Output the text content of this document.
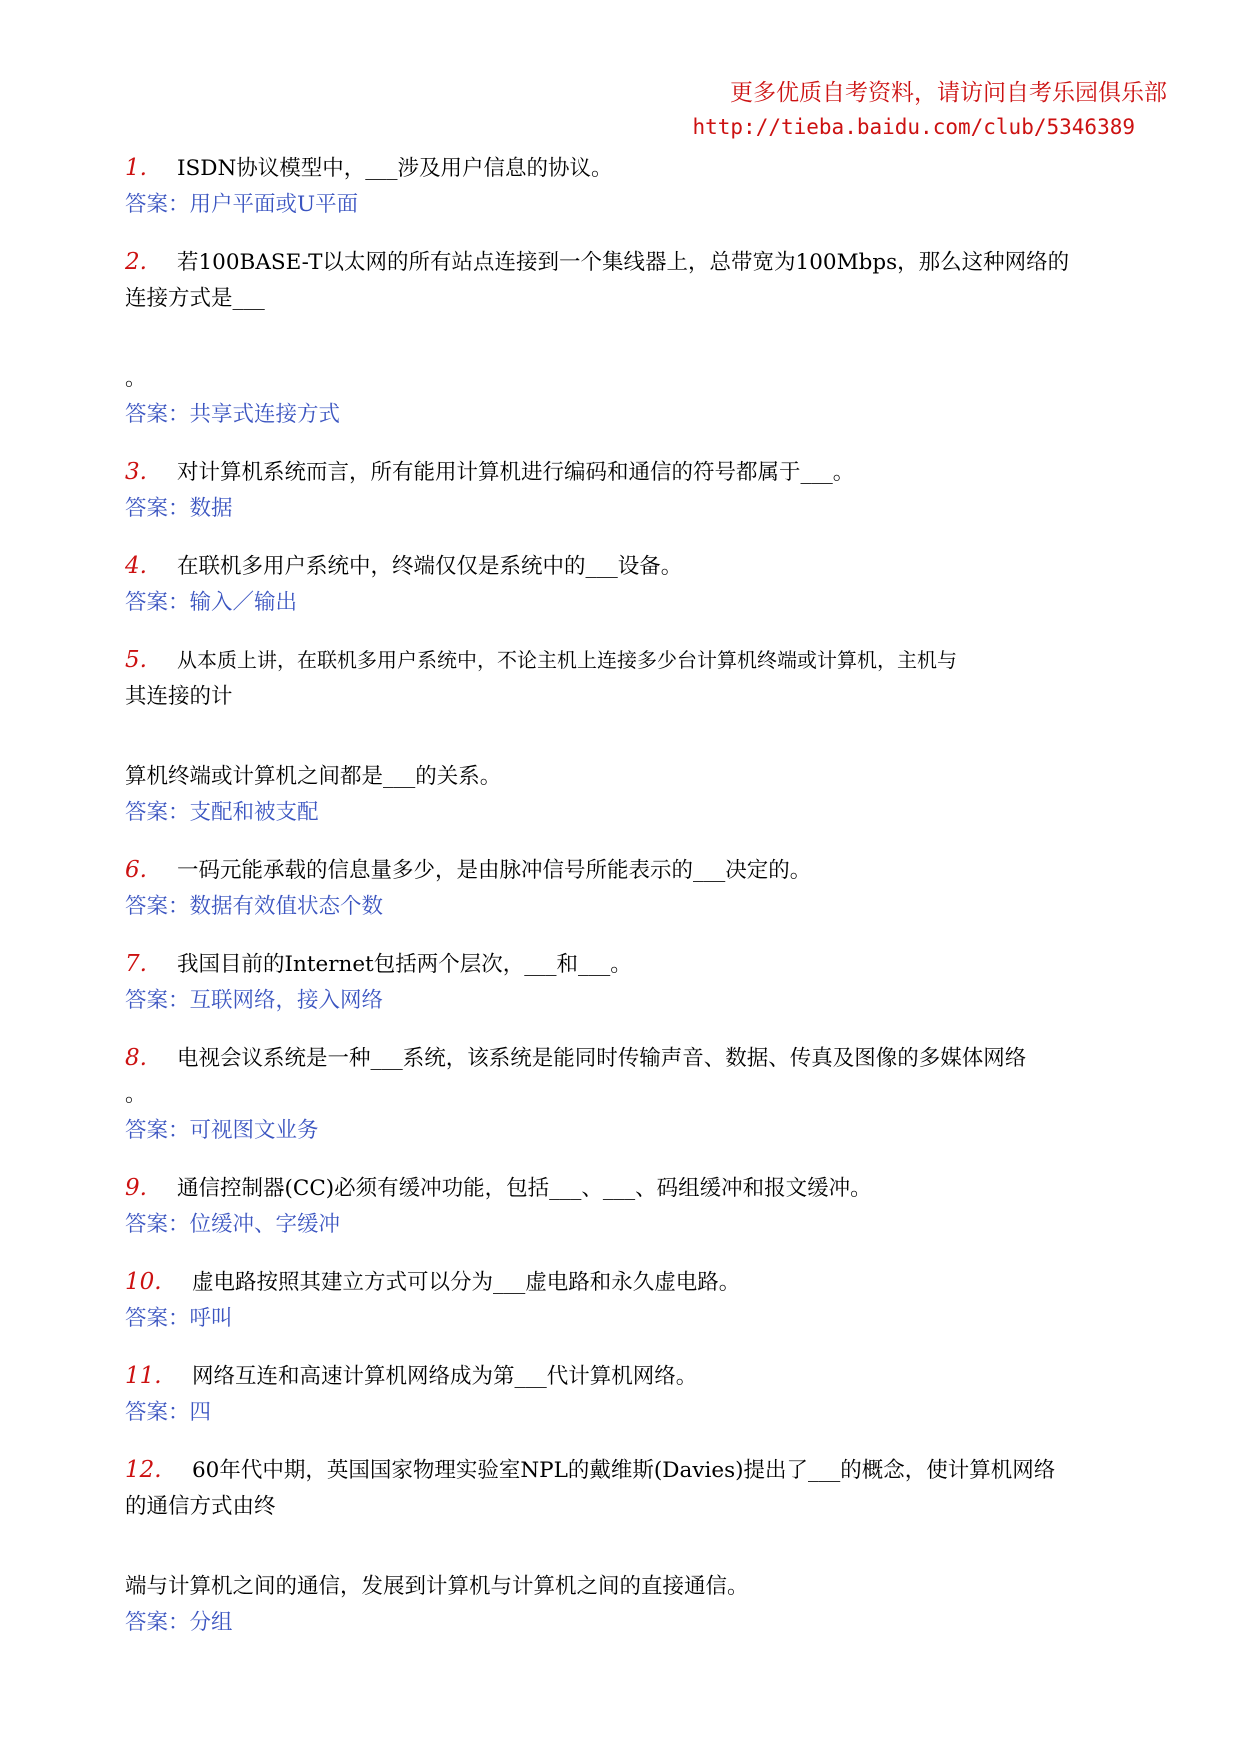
更多优质自考资料，请访问自考乐园俱乐部
http://tieba.baidu.com/club/5346389
1. ISDN协议模型中，___涉及用户信息的协议。
答案：用户平面或U平面
2. 若100BASE-T以太网的所有站点连接到一个集线器上，总带宽为100Mbps，那么这种网络的
连接方式是___
。
答案：共享式连接方式
3. 对计算机系统而言，所有能用计算机进行编码和通信的符号都属于___。
答案：数据
4. 在联机多用户系统中，终端仅仅是系统中的___设备。
答案：输入／输出
5. 从本质上讲，在联机多用户系统中，不论主机上连接多少台计算机终端或计算机，主机与
其连接的计
算机终端或计算机之间都是___的关系。
答案：支配和被支配
6. 一码元能承载的信息量多少，是由脉冲信号所能表示的___决定的。
答案：数据有效值状态个数
7. 我国目前的Internet包括两个层次，___和___。
答案：互联网络，接入网络
8. 电视会议系统是一种___系统，该系统是能同时传输声音、数据、传真及图像的多媒体网络
。
答案：可视图文业务
9. 通信控制器(CC)必须有缓冲功能，包括___、___、码组缓冲和报文缓冲。
答案：位缓冲、字缓冲
10. 虚电路按照其建立方式可以分为___虚电路和永久虚电路。
答案：呼叫
11. 网络互连和高速计算机网络成为第___代计算机网络。
答案：四
12. 60年代中期，英国国家物理实验室NPL的戴维斯(Davies)提出了___的概念，使计算机网络
的通信方式由终
端与计算机之间的通信，发展到计算机与计算机之间的直接通信。
答案：分组
